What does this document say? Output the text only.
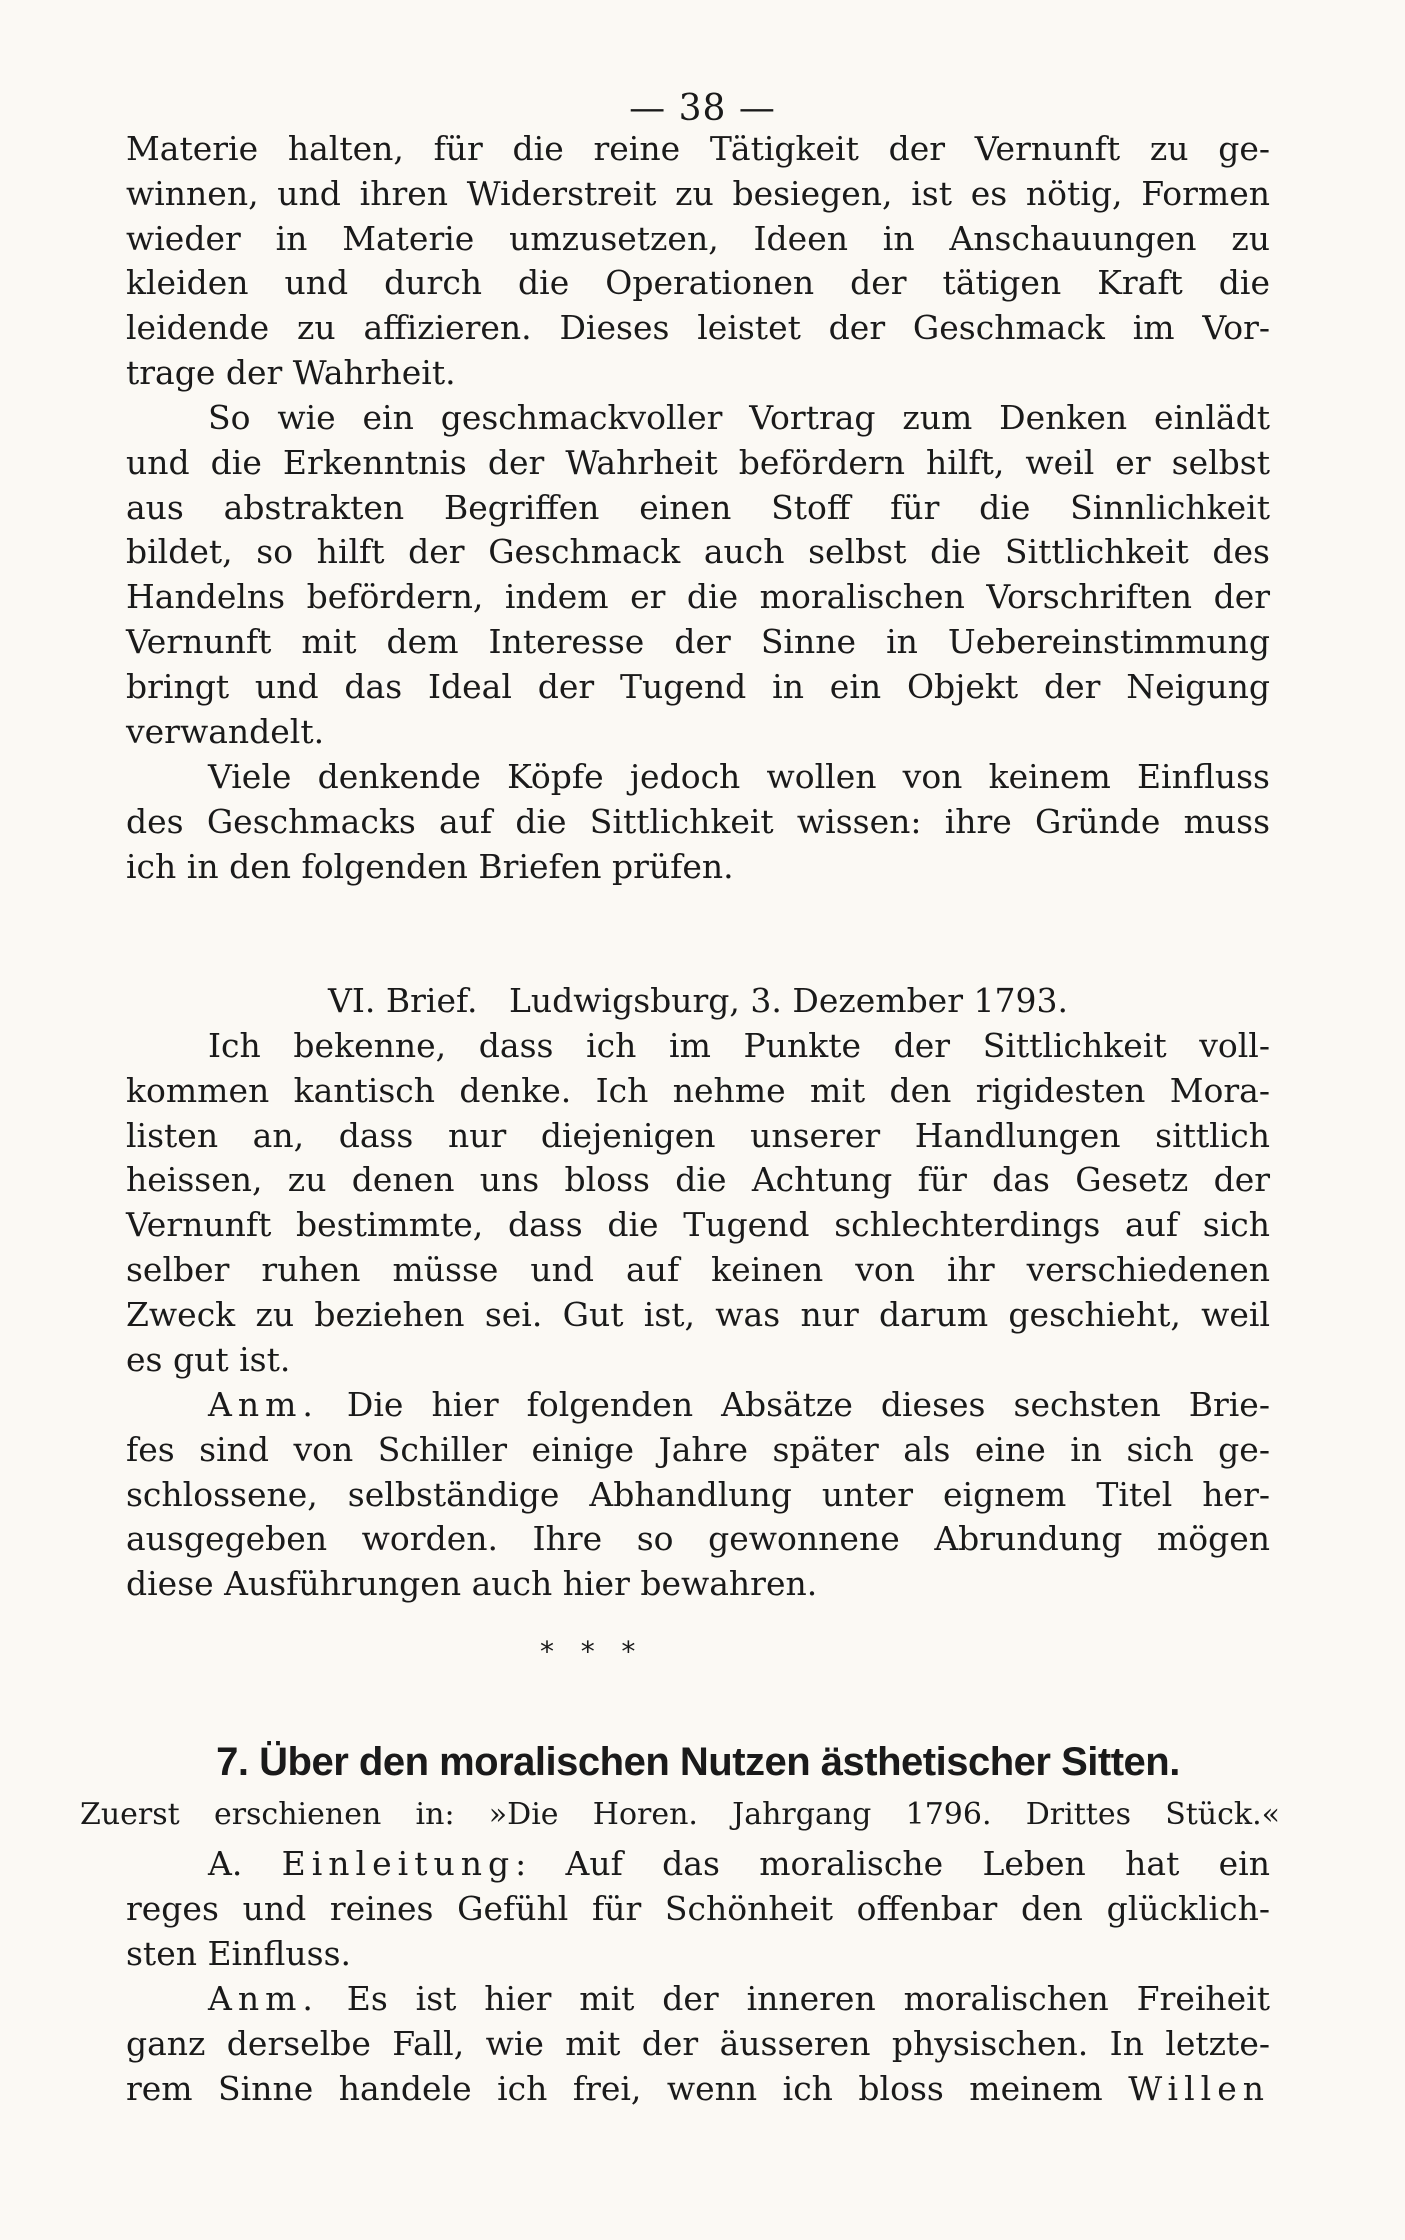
— 38 —
Materie halten, für die reine Tätigkeit der Vernunft zu ge-
winnen, und ihren Widerstreit zu besiegen, ist es nötig, Formen
wieder in Materie umzusetzen, Ideen in Anschauungen zu
kleiden und durch die Operationen der tätigen Kraft die
leidende zu affizieren. Dieses leistet der Geschmack im Vor-
trage der Wahrheit.
So wie ein geschmackvoller Vortrag zum Denken einlädt
und die Erkenntnis der Wahrheit befördern hilft, weil er selbst
aus abstrakten Begriffen einen Stoff für die Sinnlichkeit
bildet, so hilft der Geschmack auch selbst die Sittlichkeit des
Handelns befördern, indem er die moralischen Vorschriften der
Vernunft mit dem Interesse der Sinne in Uebereinstimmung
bringt und das Ideal der Tugend in ein Objekt der Neigung
verwandelt.
Viele denkende Köpfe jedoch wollen von keinem Einfluss
des Geschmacks auf die Sittlichkeit wissen: ihre Gründe muss
ich in den folgenden Briefen prüfen.
VI. Brief.   Ludwigsburg, 3. Dezember 1793.
Ich bekenne, dass ich im Punkte der Sittlichkeit voll-
kommen kantisch denke. Ich nehme mit den rigidesten Mora-
listen an, dass nur diejenigen unserer Handlungen sittlich
heissen, zu denen uns bloss die Achtung für das Gesetz der
Vernunft bestimmte, dass die Tugend schlechterdings auf sich
selber ruhen müsse und auf keinen von ihr verschiedenen
Zweck zu beziehen sei. Gut ist, was nur darum geschieht, weil
es gut ist.
Anm. Die hier folgenden Absätze dieses sechsten Brie-
fes sind von Schiller einige Jahre später als eine in sich ge-
schlossene, selbständige Abhandlung unter eignem Titel her-
ausgegeben worden. Ihre so gewonnene Abrundung mögen
diese Ausführungen auch hier bewahren.
*   *   *
7. Über den moralischen Nutzen ästhetischer Sitten.
Zuerst erschienen in: »Die Horen. Jahrgang 1796. Drittes Stück.«
A. Einleitung: Auf das moralische Leben hat ein
reges und reines Gefühl für Schönheit offenbar den glücklich-
sten Einfluss.
Anm. Es ist hier mit der inneren moralischen Freiheit
ganz derselbe Fall, wie mit der äusseren physischen. In letzte-
rem Sinne handele ich frei, wenn ich bloss meinem Willen
